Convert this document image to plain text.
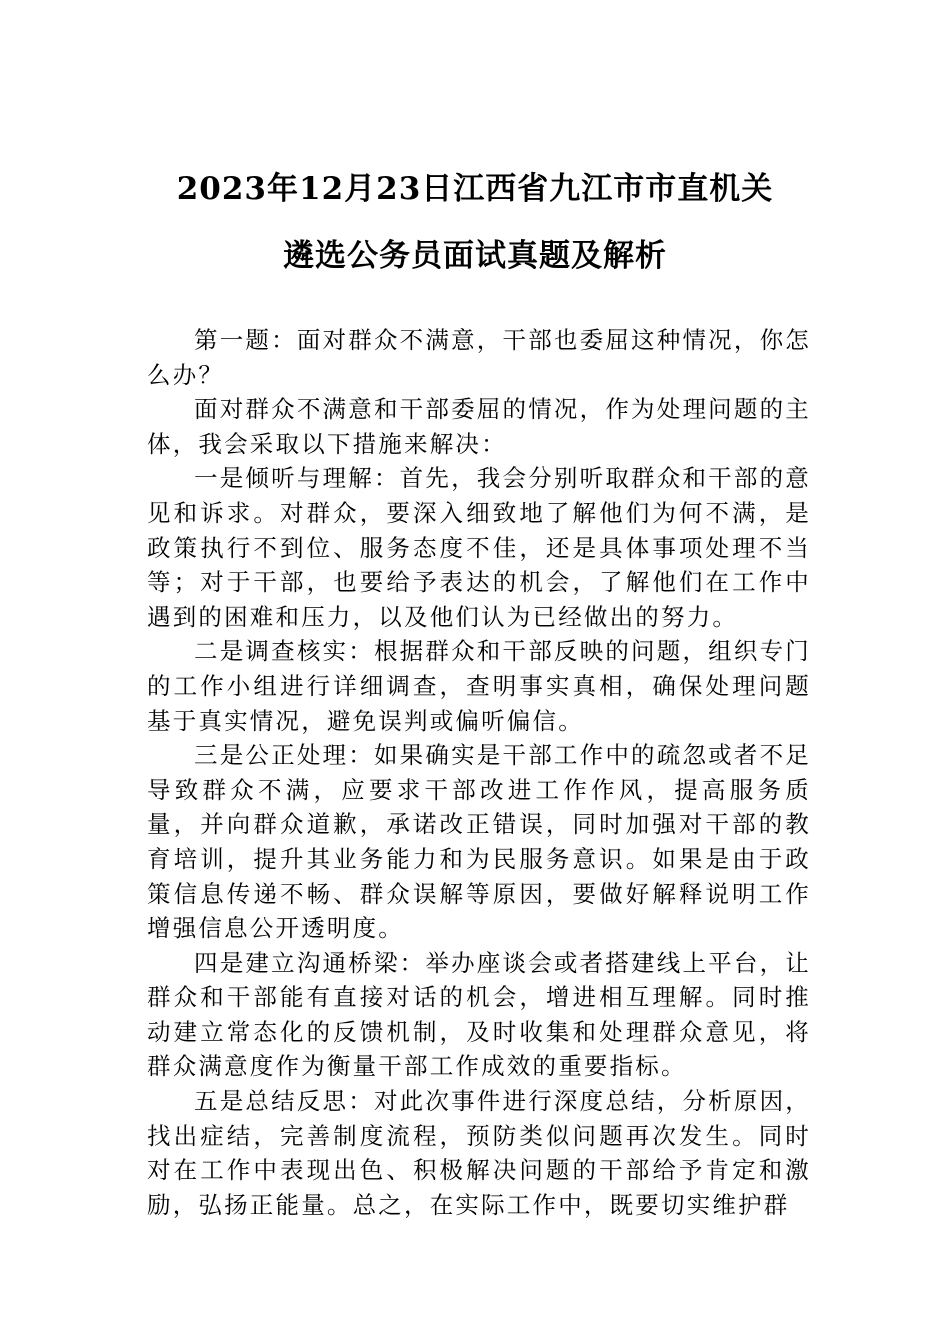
2023年12月23日江西省九江市市直机关
遴选公务员面试真题及解析

第一题：面对群众不满意，干部也委屈这种情况，你怎么办？

面对群众不满意和干部委屈的情况，作为处理问题的主体，我会采取以下措施来解决：

一是倾听与理解：首先，我会分别听取群众和干部的意见和诉求。对群众，要深入细致地了解他们为何不满，是政策执行不到位、服务态度不佳，还是具体事项处理不当等；对于干部，也要给予表达的机会，了解他们在工作中遇到的困难和压力，以及他们认为已经做出的努力。

二是调查核实：根据群众和干部反映的问题，组织专门的工作小组进行详细调查，查明事实真相，确保处理问题基于真实情况，避免误判或偏听偏信。

三是公正处理：如果确实是干部工作中的疏忽或者不足导致群众不满，应要求干部改进工作作风，提高服务质量，并向群众道歉，承诺改正错误，同时加强对干部的教育培训，提升其业务能力和为民服务意识。如果是由于政策信息传递不畅、群众误解等原因，要做好解释说明工作增强信息公开透明度。

四是建立沟通桥梁：举办座谈会或者搭建线上平台，让群众和干部能有直接对话的机会，增进相互理解。同时推动建立常态化的反馈机制，及时收集和处理群众意见，将群众满意度作为衡量干部工作成效的重要指标。

五是总结反思：对此次事件进行深度总结，分析原因，找出症结，完善制度流程，预防类似问题再次发生。同时对在工作中表现出色、积极解决问题的干部给予肯定和激励，弘扬正能量。总之，在实际工作中，既要切实维护群
